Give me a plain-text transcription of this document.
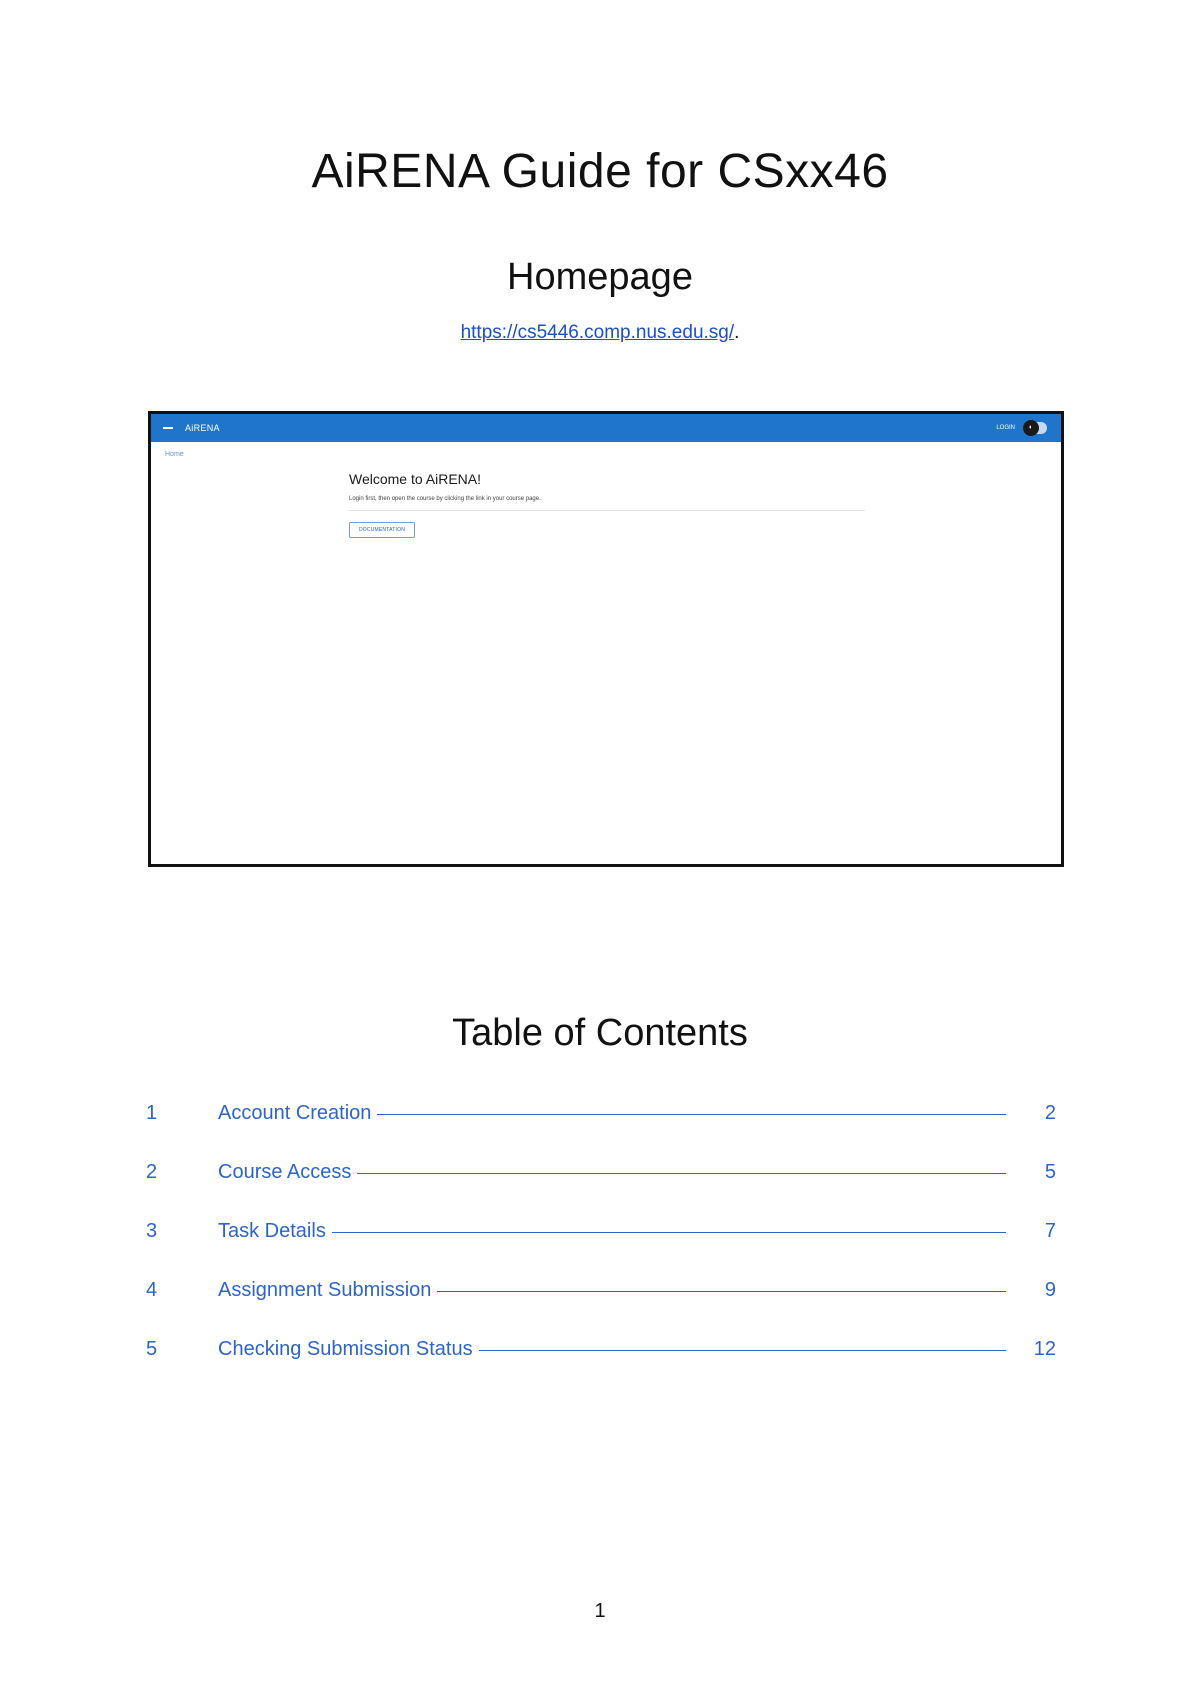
AiRENA Guide for CSxx46
Homepage
https://cs5446.comp.nus.edu.sg/.
AiRENA	LOGIN	◐
Home
Welcome to AiRENA!
Login first, then open the course by clicking the link in your course page.
DOCUMENTATION
Table of Contents
1	Account Creation	2
2	Course Access	5
3	Task Details	7
4	Assignment Submission	9
5	Checking Submission Status	12
1
